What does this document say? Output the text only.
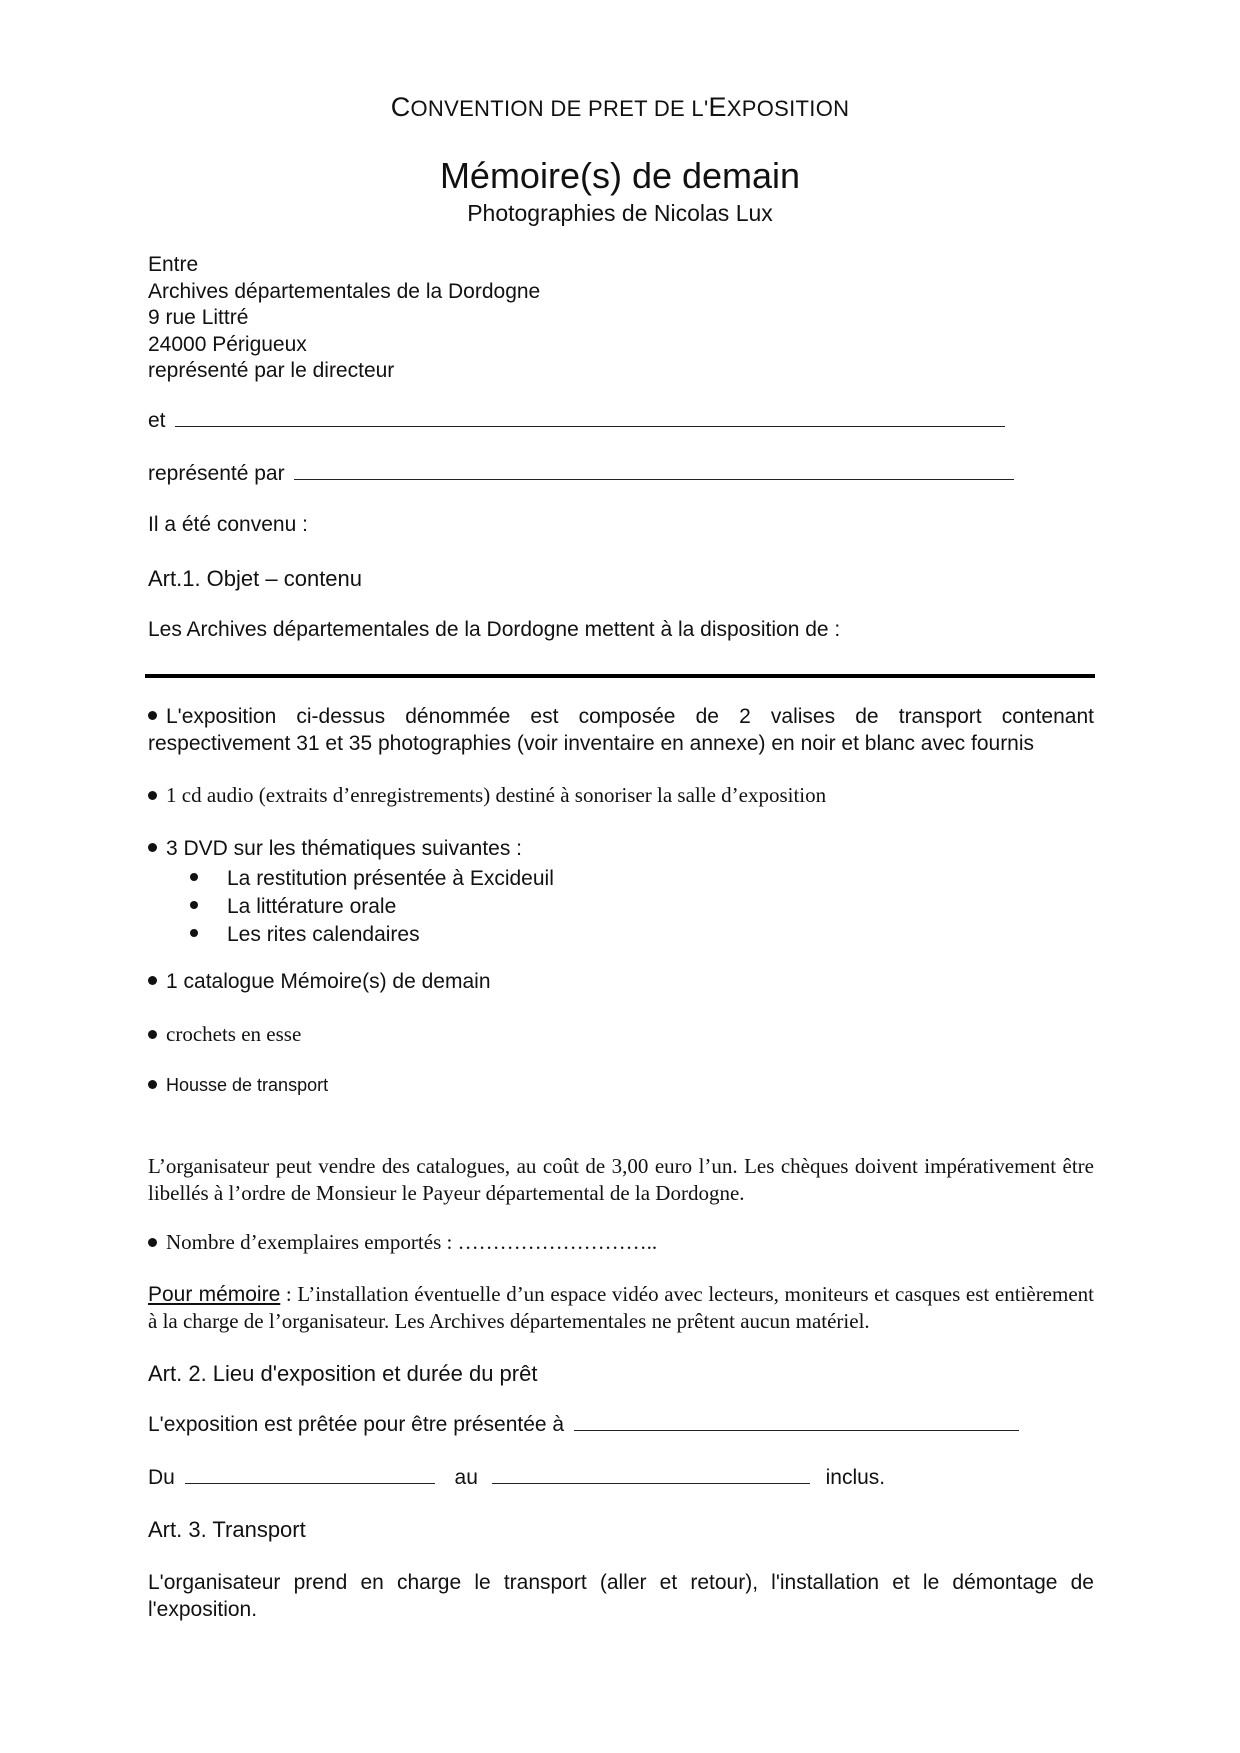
CONVENTION DE PRET DE L'EXPOSITION
Mémoire(s) de demain
Photographies de Nicolas Lux
Entre
Archives départementales de la Dordogne
9 rue Littré
24000 Périgueux
représenté par le directeur
et
représenté par
Il a été convenu :
Art.1. Objet – contenu
Les Archives départementales de la Dordogne mettent à la disposition de :
L'exposition ci-dessus dénommée est composée de 2 valises de transport contenant respectivement 31 et 35 photographies (voir inventaire en annexe) en noir et blanc avec fournis
1 cd audio (extraits d’enregistrements) destiné à sonoriser la salle d’exposition
3 DVD sur les thématiques suivantes :
La restitution présentée à Excideuil
La littérature orale
Les rites calendaires
1 catalogue Mémoire(s) de demain
crochets en esse
Housse de transport
L’organisateur peut vendre des catalogues, au coût de 3,00 euro l’un. Les chèques doivent impérativement être libellés à l’ordre de Monsieur le Payeur départemental de la Dordogne.
Nombre d’exemplaires emportés : ………………………..
Pour mémoire : L’installation éventuelle d’un espace vidéo avec lecteurs, moniteurs et casques est entièrement à la charge de l’organisateur. Les Archives départementales ne prêtent aucun matériel.
Art. 2. Lieu d'exposition et durée du prêt
L'exposition est prêtée pour être présentée à
Du	au	inclus.
Art. 3. Transport
L'organisateur prend en charge le transport (aller et retour), l'installation et le démontage de l'exposition.
